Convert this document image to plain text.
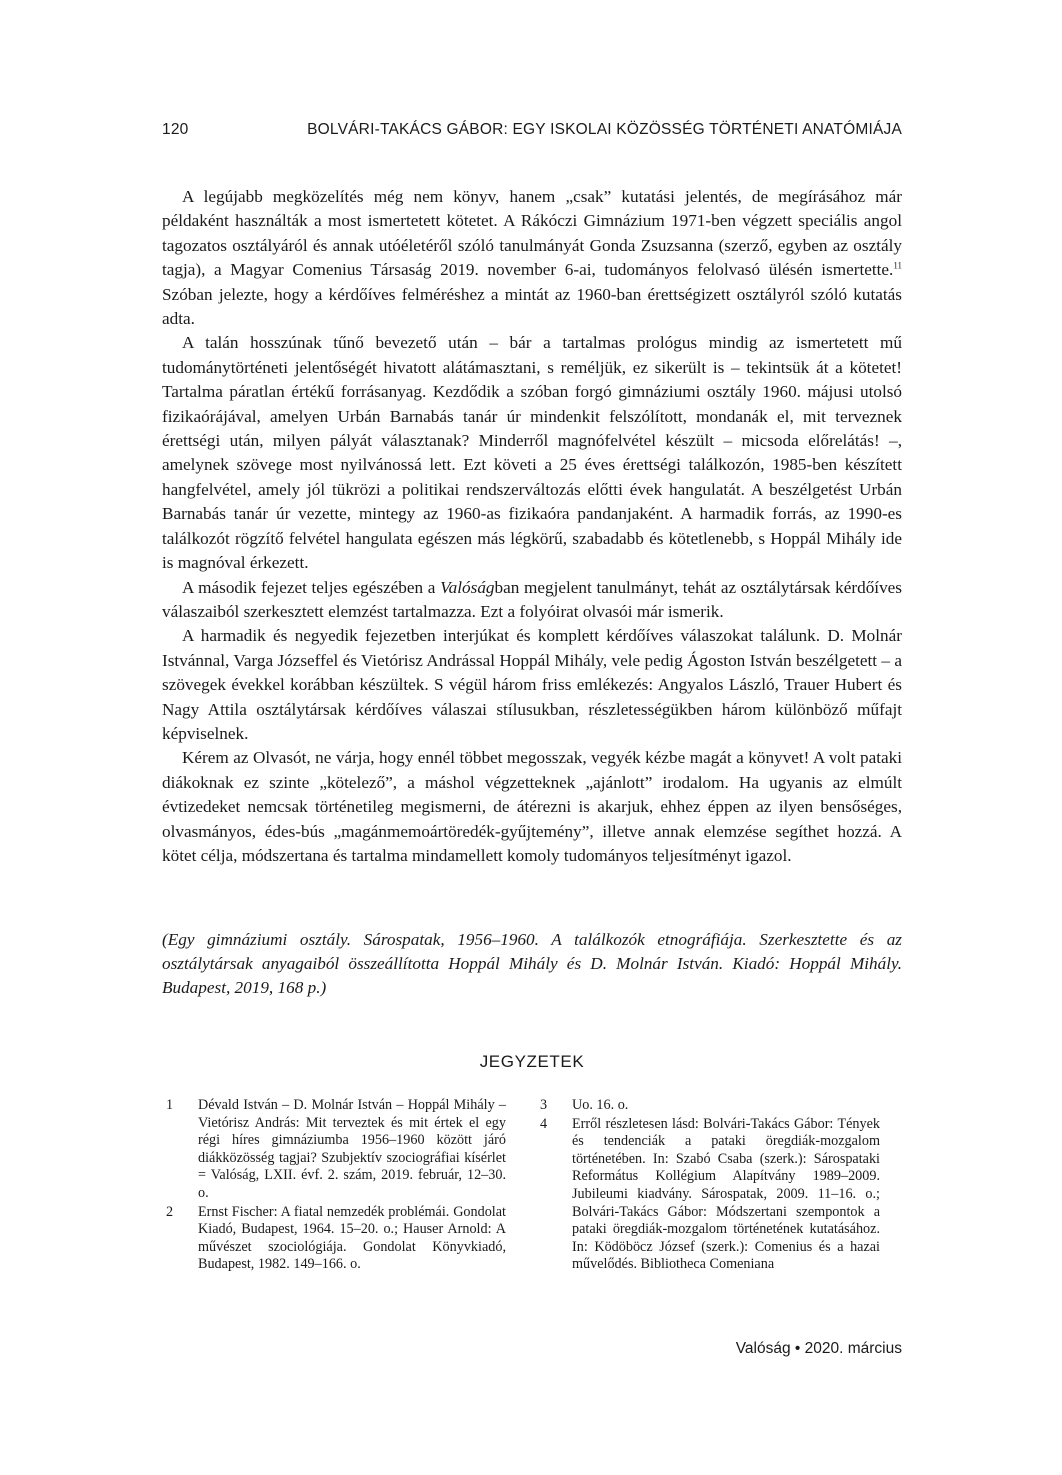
120	BOLVÁRI-TAKÁCS GÁBOR: EGY ISKOLAI KÖZÖSSÉG TÖRTÉNETI ANATÓMIÁJA

A legújabb megközelítés még nem könyv, hanem „csak” kutatási jelentés, de megírásához már példaként használták a most ismertetett kötetet. A Rákóczi Gimnázium 1971-ben végzett speciális angol tagozatos osztályáról és annak utóéletéről szóló tanulmányát Gonda Zsuzsanna (szerző, egyben az osztály tagja), a Magyar Comenius Társaság 2019. november 6-ai, tudományos felolvasó ülésén ismertette.$^{11}$ Szóban jelezte, hogy a kérdőíves felméréshez a mintát az 1960-ban érettségizett osztályról szóló kutatás adta.

A talán hosszúnak tűnő bevezető után – bár a tartalmas prológus mindig az ismertetett mű tudománytörténeti jelentőségét hivatott alátámasztani, s reméljük, ez sikerült is – tekintsük át a kötetet! Tartalma páratlan értékű forrásanyag. Kezdődik a szóban forgó gimnáziumi osztály 1960. májusi utolsó fizikaórájával, amelyen Urbán Barnabás tanár úr mindenkit felszólított, mondanák el, mit terveznek érettségi után, milyen pályát választanak? Minderről magnófelvétel készült – micsoda előrelátás! –, amelynek szövege most nyilvánossá lett. Ezt követi a 25 éves érettségi találkozón, 1985-ben készített hangfelvétel, amely jól tükrözi a politikai rendszerváltozás előtti évek hangulatát. A beszélgetést Urbán Barnabás tanár úr vezette, mintegy az 1960-as fizikaóra pandanjaként. A harmadik forrás, az 1990-es találkozót rögzítő felvétel hangulata egészen más légkörű, szabadabb és kötetlenebb, s Hoppál Mihály ide is magnóval érkezett.

A második fejezet teljes egészében a Valóságban megjelent tanulmányt, tehát az osztálytársak kérdőíves válaszaiból szerkesztett elemzést tartalmazza. Ezt a folyóirat olvasói már ismerik.

A harmadik és negyedik fejezetben interjúkat és komplett kérdőíves válaszokat találunk. D. Molnár Istvánnal, Varga Józseffel és Vietórisz Andrással Hoppál Mihály, vele pedig Ágoston István beszélgetett – a szövegek évekkel korábban készültek. S végül három friss emlékezés: Angyalos László, Trauer Hubert és Nagy Attila osztálytársak kérdőíves válaszai stílusukban, részletességükben három különböző műfajt képviselnek.

Kérem az Olvasót, ne várja, hogy ennél többet megosszak, vegyék kézbe magát a könyvet! A volt pataki diákoknak ez szinte „kötelező”, a máshol végzetteknek „ajánlott” irodalom. Ha ugyanis az elmúlt évtizedeket nemcsak történetileg megismerni, de átérezni is akarjuk, ehhez éppen az ilyen bensőséges, olvasmányos, édes-bús „magánmemoártöredék-gyűjtemény”, illetve annak elemzése segíthet hozzá. A kötet célja, módszertana és tartalma mindamellett komoly tudományos teljesítményt igazol.

(Egy gimnáziumi osztály. Sárospatak, 1956–1960. A találkozók etnográfiája. Szerkesztette és az osztálytársak anyagaiból összeállította Hoppál Mihály és D. Molnár István. Kiadó: Hoppál Mihály. Budapest, 2019, 168 p.)
JEGYZETEK
1 Dévald István – D. Molnár István – Hoppál Mihály – Vietórisz András: Mit terveztek és mit értek el egy régi híres gimnáziumba 1956–1960 között járó diákközösség tagjai? Szubjektív szociográfiai kísérlet = Valóság, LXII. évf. 2. szám, 2019. február, 12–30. o.
2 Ernst Fischer: A fiatal nemzedék problémái. Gondolat Kiadó, Budapest, 1964. 15–20. o.; Hauser Arnold: A művészet szociológiája. Gondolat Könyvkiadó, Budapest, 1982. 149–166. o.
3 Uo. 16. o.
4 Erről részletesen lásd: Bolvári-Takács Gábor: Tények és tendenciák a pataki öregdiák-mozgalom történetében. In: Szabó Csaba (szerk.): Sárospataki Református Kollégium Alapítvány 1989–2009. Jubileumi kiadvány. Sárospatak, 2009. 11–16. o.; Bolvári-Takács Gábor: Módszertani szempontok a pataki öregdiák-mozgalom történetének kutatásához. In: Ködöböcz József (szerk.): Comenius és a hazai művelődés. Bibliotheca Comeniana
Valóság • 2020. március
